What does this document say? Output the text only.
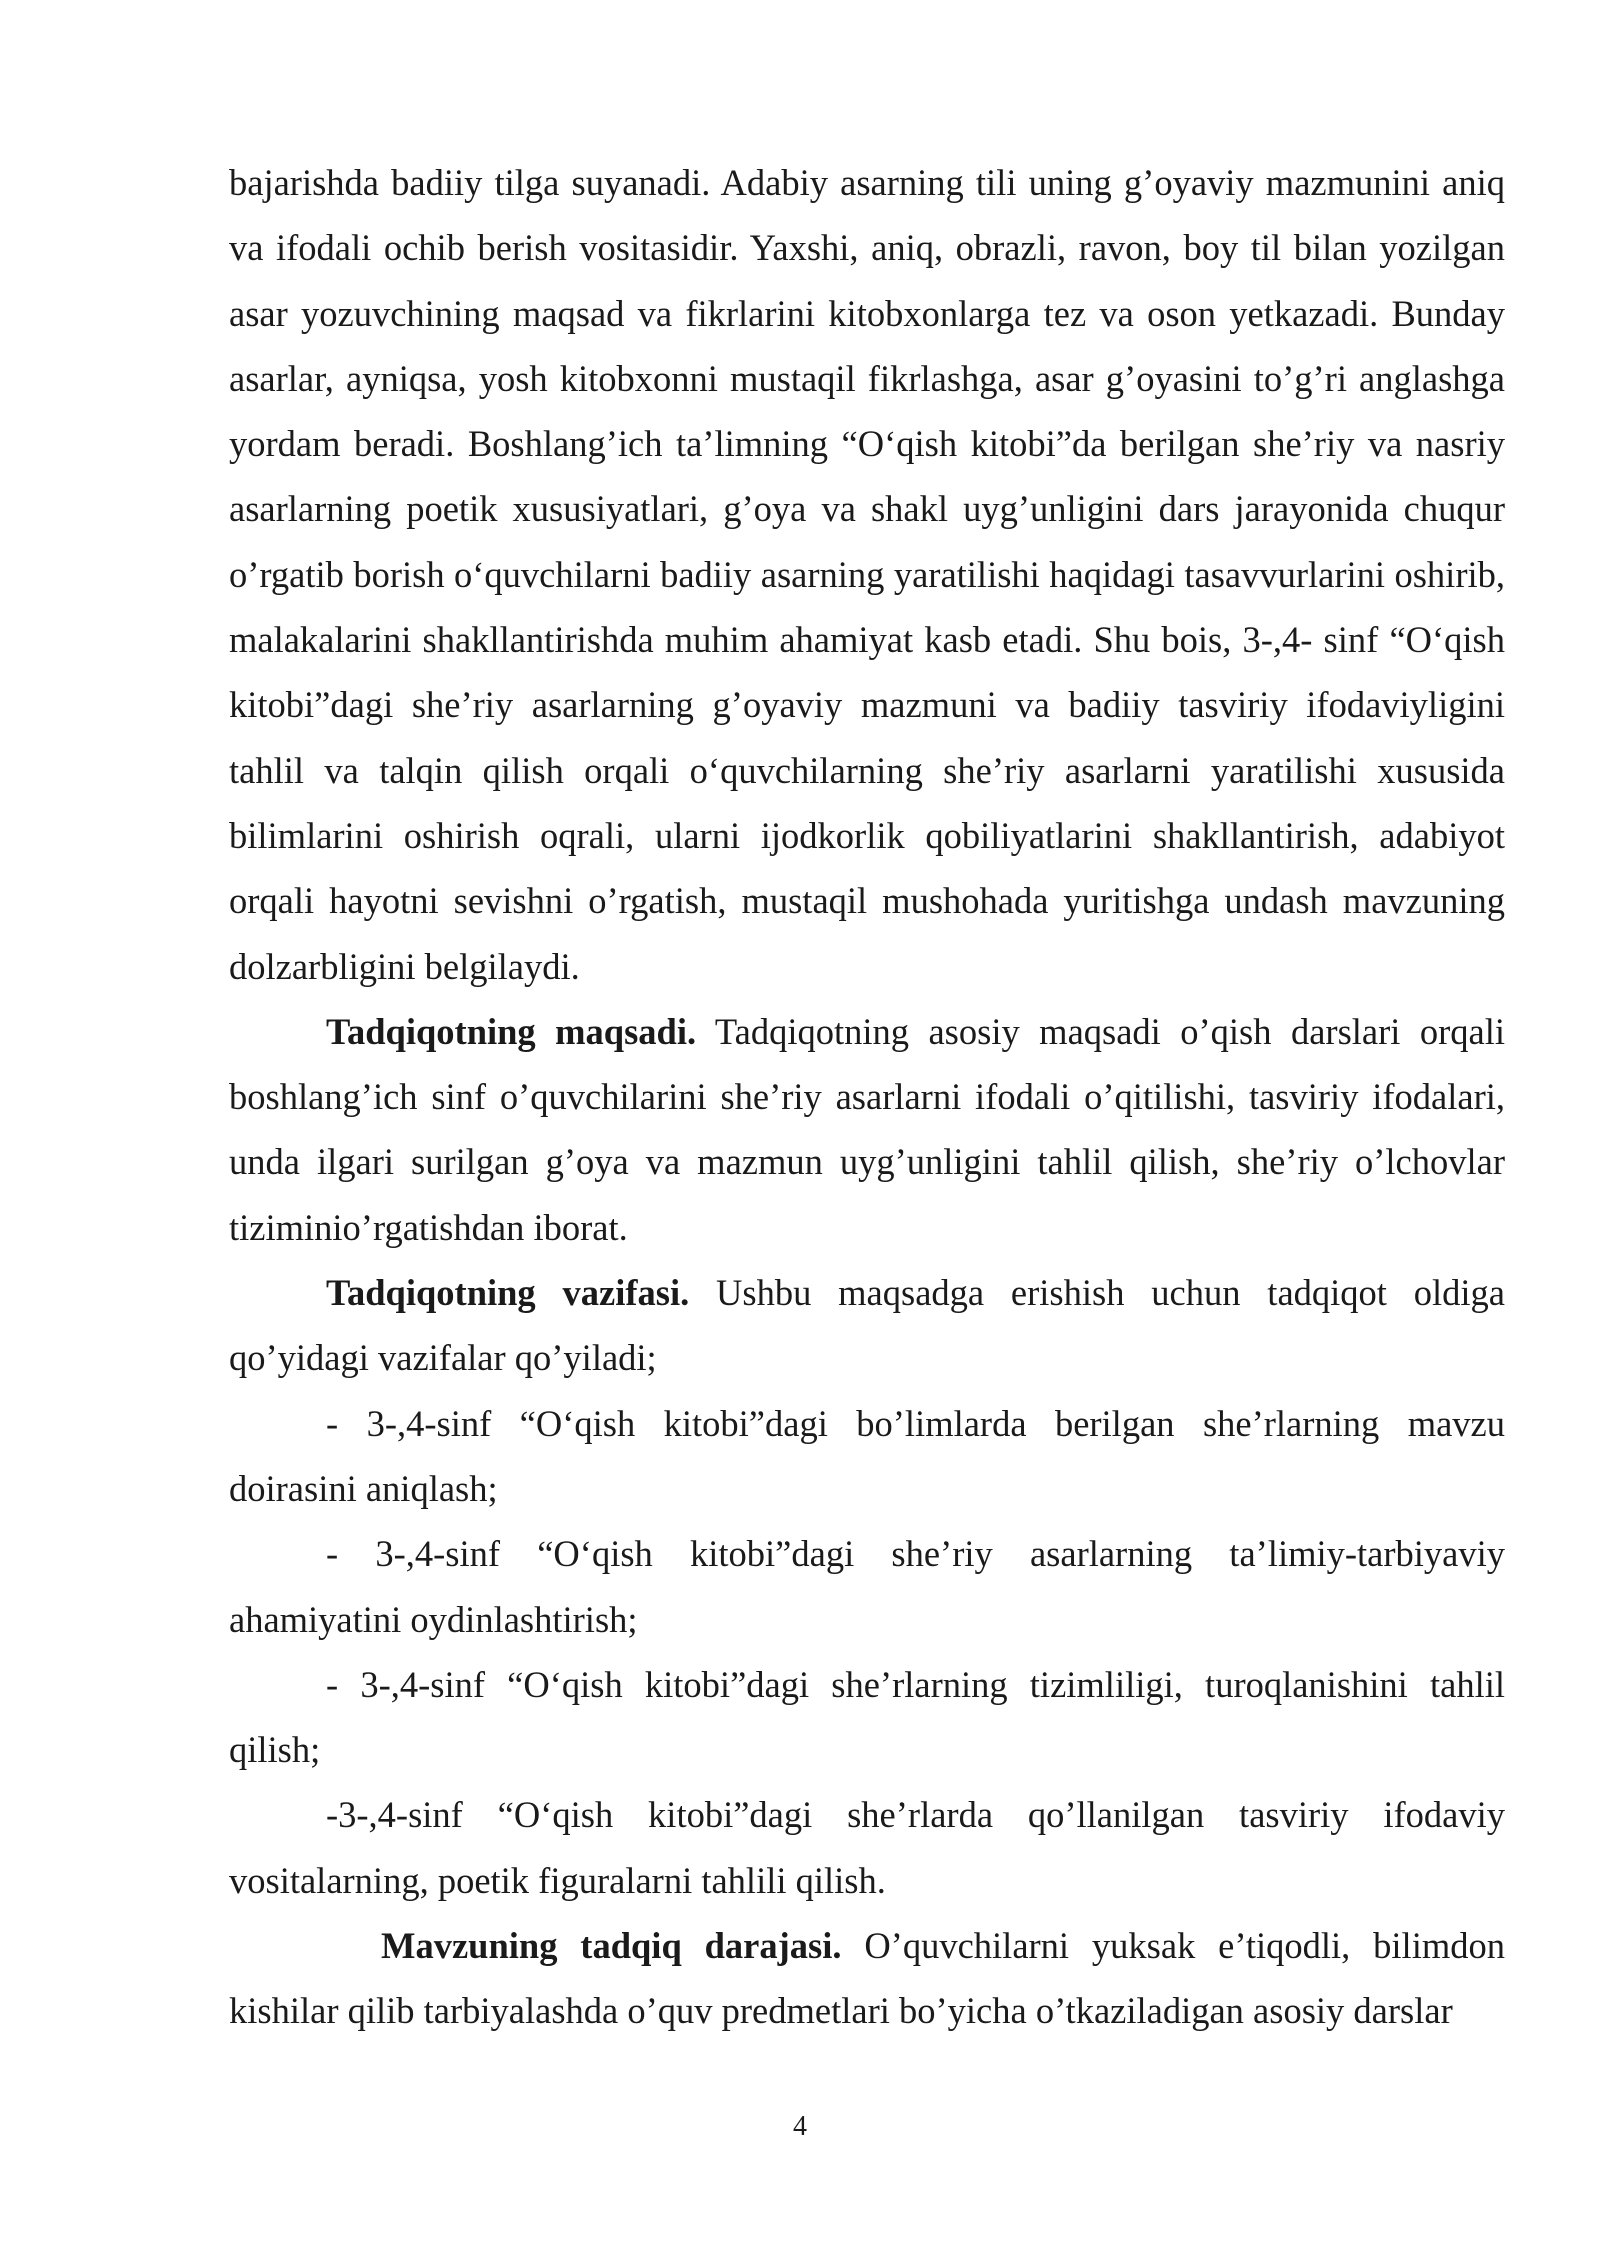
bajarishda badiiy tilga suyanadi. Adabiy asarning tili uning g’oyaviy mazmunini aniq va ifodali ochib berish vositasidir. Yaxshi, aniq, obrazli, ravon, boy til bilan yozilgan asar yozuvchining maqsad va fikrlarini kitobxonlarga tez va oson yetkazadi. Bunday asarlar, ayniqsa, yosh kitobxonni mustaqil fikrlashga, asar g’oyasini to’g’ri anglashga yordam beradi. Boshlang’ich ta’limning “O‘qish kitobi”da berilgan she’riy va nasriy asarlarning poetik xususiyatlari, g’oya va shakl uyg’unligini dars jarayonida chuqur o’rgatib borish o‘quvchilarni badiiy asarning yaratilishi haqidagi tasavvurlarini oshirib, malakalarini shakllantirishda muhim ahamiyat kasb etadi. Shu bois, 3-,4- sinf “O‘qish kitobi”dagi she’riy asarlarning g’oyaviy mazmuni va badiiy tasviriy ifodaviyligini tahlil va talqin qilish orqali o‘quvchilarning she’riy asarlarni yaratilishi xususida bilimlarini oshirish oqrali, ularni ijodkorlik qobiliyatlarini shakllantirish, adabiyot orqali hayotni sevishni o’rgatish, mustaqil mushohada yuritishga undash mavzuning dolzarbligini belgilaydi.

Tadqiqotning maqsadi. Tadqiqotning asosiy maqsadi o’qish darslari orqali boshlang’ich sinf o’quvchilarini she’riy asarlarni ifodali o’qitilishi, tasviriy ifodalari, unda ilgari surilgan g’oya va mazmun uyg’unligini tahlil qilish, she’riy o’lchovlar tiziminio’rgatishdan iborat.

Tadqiqotning vazifasi. Ushbu maqsadga erishish uchun tadqiqot oldiga qo’yidagi vazifalar qo’yiladi;

- 3-,4-sinf “O‘qish kitobi”dagi bo’limlarda berilgan she’rlarning mavzu doirasini aniqlash;

- 3-,4-sinf “O‘qish kitobi”dagi she’riy asarlarning ta’limiy-tarbiyaviy ahamiyatini oydinlashtirish;

- 3-,4-sinf “O‘qish kitobi”dagi she’rlarning tizimliligi, turoqlanishini tahlil qilish;

-3-,4-sinf “O‘qish kitobi”dagi she’rlarda qo’llanilgan tasviriy ifodaviy vositalarning, poetik figuralarni tahlili qilish.

Mavzuning tadqiq darajasi. O’quvchilarni yuksak e’tiqodli, bilimdon kishilar qilib tarbiyalashda o’quv predmetlari bo’yicha o’tkaziladigan asosiy darslar

4
